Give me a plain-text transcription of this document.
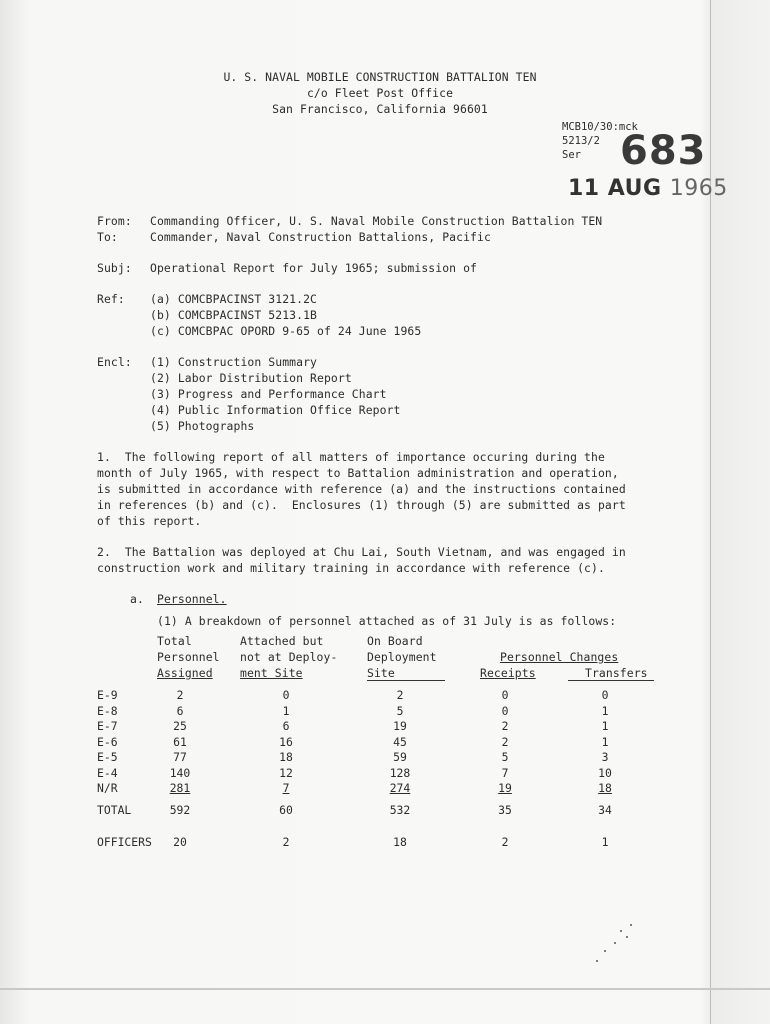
U. S. NAVAL MOBILE CONSTRUCTION BATTALION TEN
c/o Fleet Post Office
San Francisco, California 96601
MCB10/30:mck
5213/2
Ser 683
11 AUG 1965
From: Commanding Officer, U. S. Naval Mobile Construction Battalion TEN
To:	Commander, Naval Construction Battalions, Pacific
Subj: Operational Report for July 1965; submission of
Ref: (a) COMCBPACINST 3121.2C
(b) COMCBPACINST 5213.1B
(c) COMCBPAC OPORD 9-65 of 24 June 1965
Encl: (1) Construction Summary
(2) Labor Distribution Report
(3) Progress and Performance Chart
(4) Public Information Office Report
(5) Photographs
1.  The following report of all matters of importance occuring during the
month of July 1965, with respect to Battalion administration and operation,
is submitted in accordance with reference (a) and the instructions contained
in references (b) and (c).  Enclosures (1) through (5) are submitted as part
of this report.
2.  The Battalion was deployed at Chu Lai, South Vietnam, and was engaged in
construction work and military training in accordance with reference (c).
a. Personnel.
(1) A breakdown of personnel attached as of 31 July is as follows:
Total
Personnel
Assigned
Attached but
not at Deploy-
ment Site
On Board
Deployment
Site
Personnel Changes
Receipts	Transfers
E-9	2	0	2	0	0
E-8	6	1	5	0	1
E-7	25	6	19	2	1
E-6	61	16	45	2	1
E-5	77	18	59	5	3
E-4	140	12	128	7	10
N/R	281	7	274	19	18
TOTAL	592	60	532	35	34
OFFICERS	20	2	18	2	1
